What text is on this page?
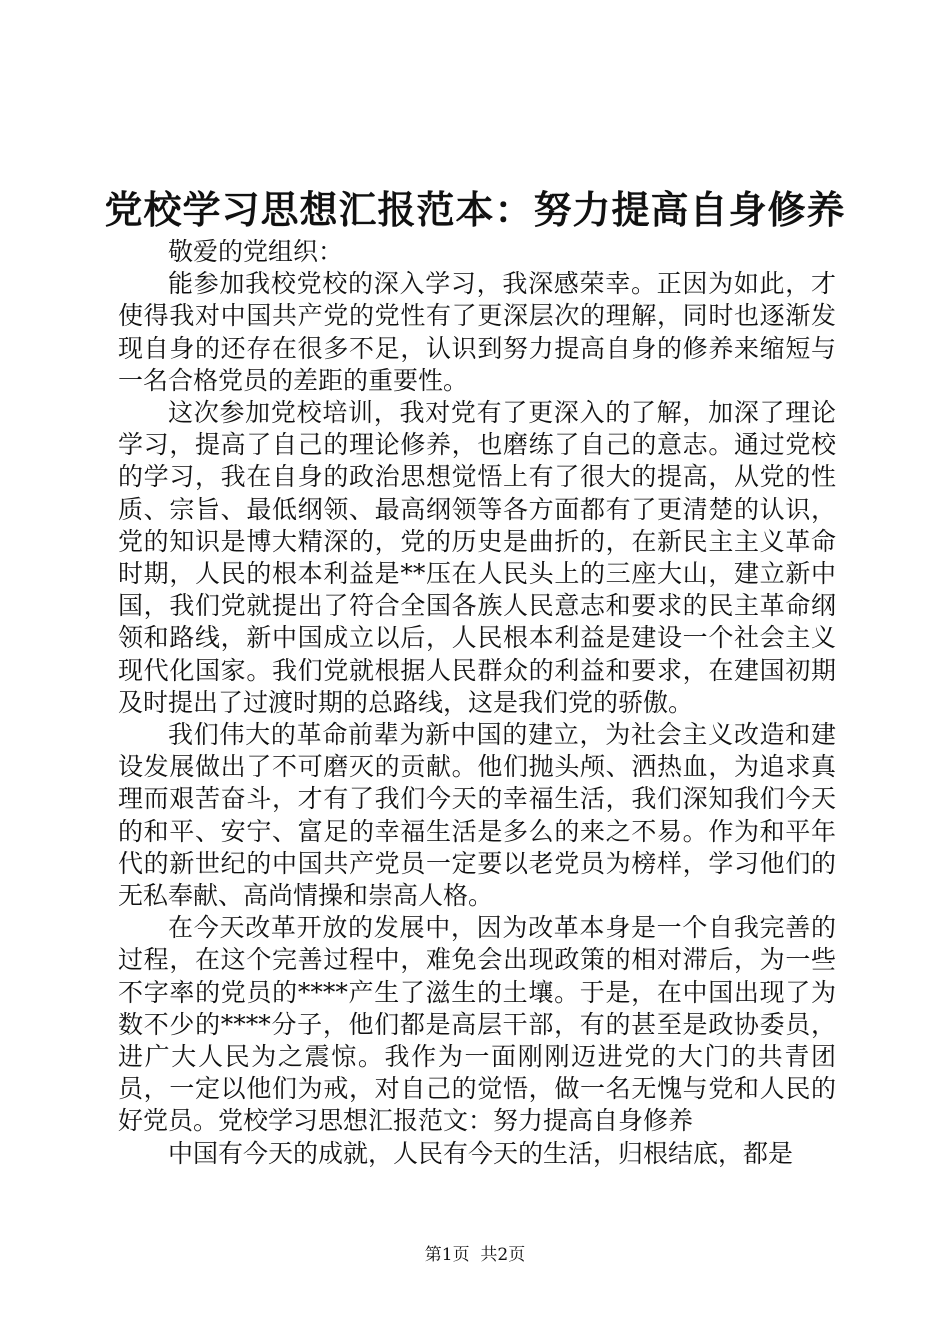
党校学习思想汇报范本：努力提高自身修养

敬爱的党组织：

能参加我校党校的深入学习，我深感荣幸。正因为如此，才使得我对中国共产党的党性有了更深层次的理解，同时也逐渐发现自身的还存在很多不足，认识到努力提高自身的修养来缩短与一名合格党员的差距的重要性。

这次参加党校培训，我对党有了更深入的了解，加深了理论学习，提高了自己的理论修养，也磨练了自己的意志。通过党校的学习，我在自身的政治思想觉悟上有了很大的提高，从党的性质、宗旨、最低纲领、最高纲领等各方面都有了更清楚的认识，党的知识是博大精深的，党的历史是曲折的，在新民主主义革命时期，人民的根本利益是**压在人民头上的三座大山，建立新中国，我们党就提出了符合全国各族人民意志和要求的民主革命纲领和路线，新中国成立以后，人民根本利益是建设一个社会主义现代化国家。我们党就根据人民群众的利益和要求，在建国初期及时提出了过渡时期的总路线，这是我们党的骄傲。

我们伟大的革命前辈为新中国的建立，为社会主义改造和建设发展做出了不可磨灭的贡献。他们抛头颅、洒热血，为追求真理而艰苦奋斗，才有了我们今天的幸福生活，我们深知我们今天的和平、安宁、富足的幸福生活是多么的来之不易。作为和平年代的新世纪的中国共产党员一定要以老党员为榜样，学习他们的无私奉献、高尚情操和崇高人格。

在今天改革开放的发展中，因为改革本身是一个自我完善的过程，在这个完善过程中，难免会出现政策的相对滞后，为一些不字率的党员的****产生了滋生的土壤。于是，在中国出现了为数不少的****分子，他们都是高层干部，有的甚至是政协委员，进广大人民为之震惊。我作为一面刚刚迈进党的大门的共青团员，一定以他们为戒，对自己的觉悟，做一名无愧与党和人民的好党员。党校学习思想汇报范文：努力提高自身修养

中国有今天的成就，人民有今天的生活，归根结底，都是

第1页  共2页
